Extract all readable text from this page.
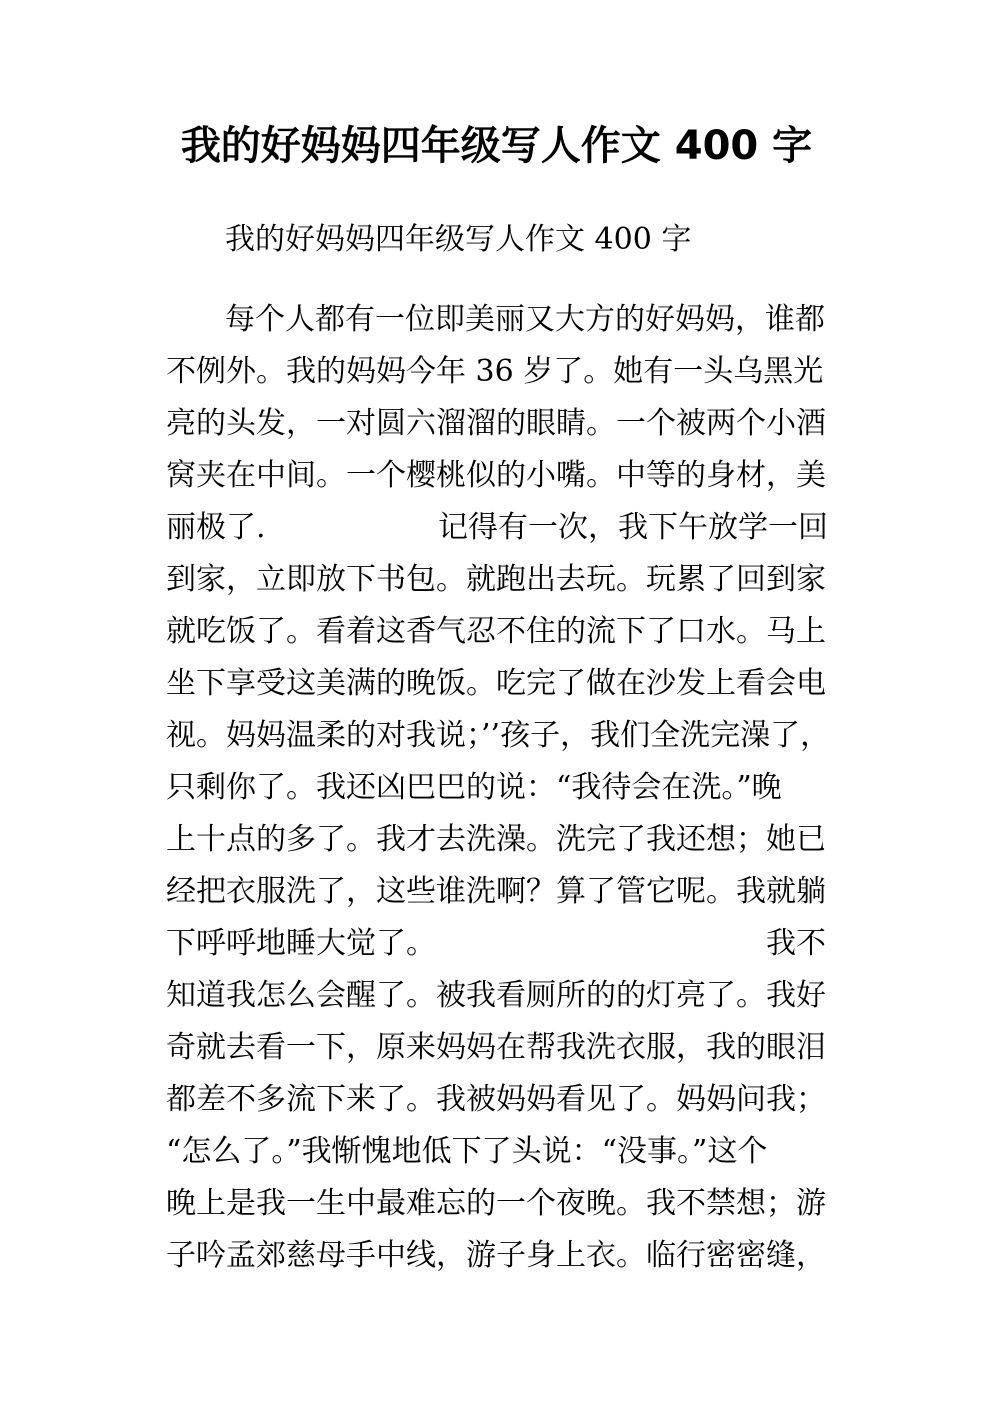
我的好妈妈四年级写人作文 400 字
我的好妈妈四年级写人作文 400 字
每个人都有一位即美丽又大方的好妈妈，谁都
不例外。我的妈妈今年 36 岁了。她有一头乌黑光
亮的头发，一对圆六溜溜的眼睛。一个被两个小酒
窝夹在中间。一个樱桃似的小嘴。中等的身材，美
丽极了.	记得有一次，我下午放学一回
到家，立即放下书包。就跑出去玩。玩累了回到家
就吃饭了。看着这香气忍不住的流下了口水。马上
坐下享受这美满的晚饭。吃完了做在沙发上看会电
视。妈妈温柔的对我说；’’孩子，我们全洗完澡了，
只剩你了。我还凶巴巴的说：“我待会在洗。”晚
上十点的多了。我才去洗澡。洗完了我还想；她已
经把衣服洗了，这些谁洗啊？算了管它呢。我就躺
下呼呼地睡大觉了。	我不
知道我怎么会醒了。被我看厕所的的灯亮了。我好
奇就去看一下，原来妈妈在帮我洗衣服，我的眼泪
都差不多流下来了。我被妈妈看见了。妈妈问我；
“怎么了。”我惭愧地低下了头说：“没事。”这个
晚上是我一生中最难忘的一个夜晚。我不禁想；游
子吟孟郊慈母手中线，游子身上衣。临行密密缝，
